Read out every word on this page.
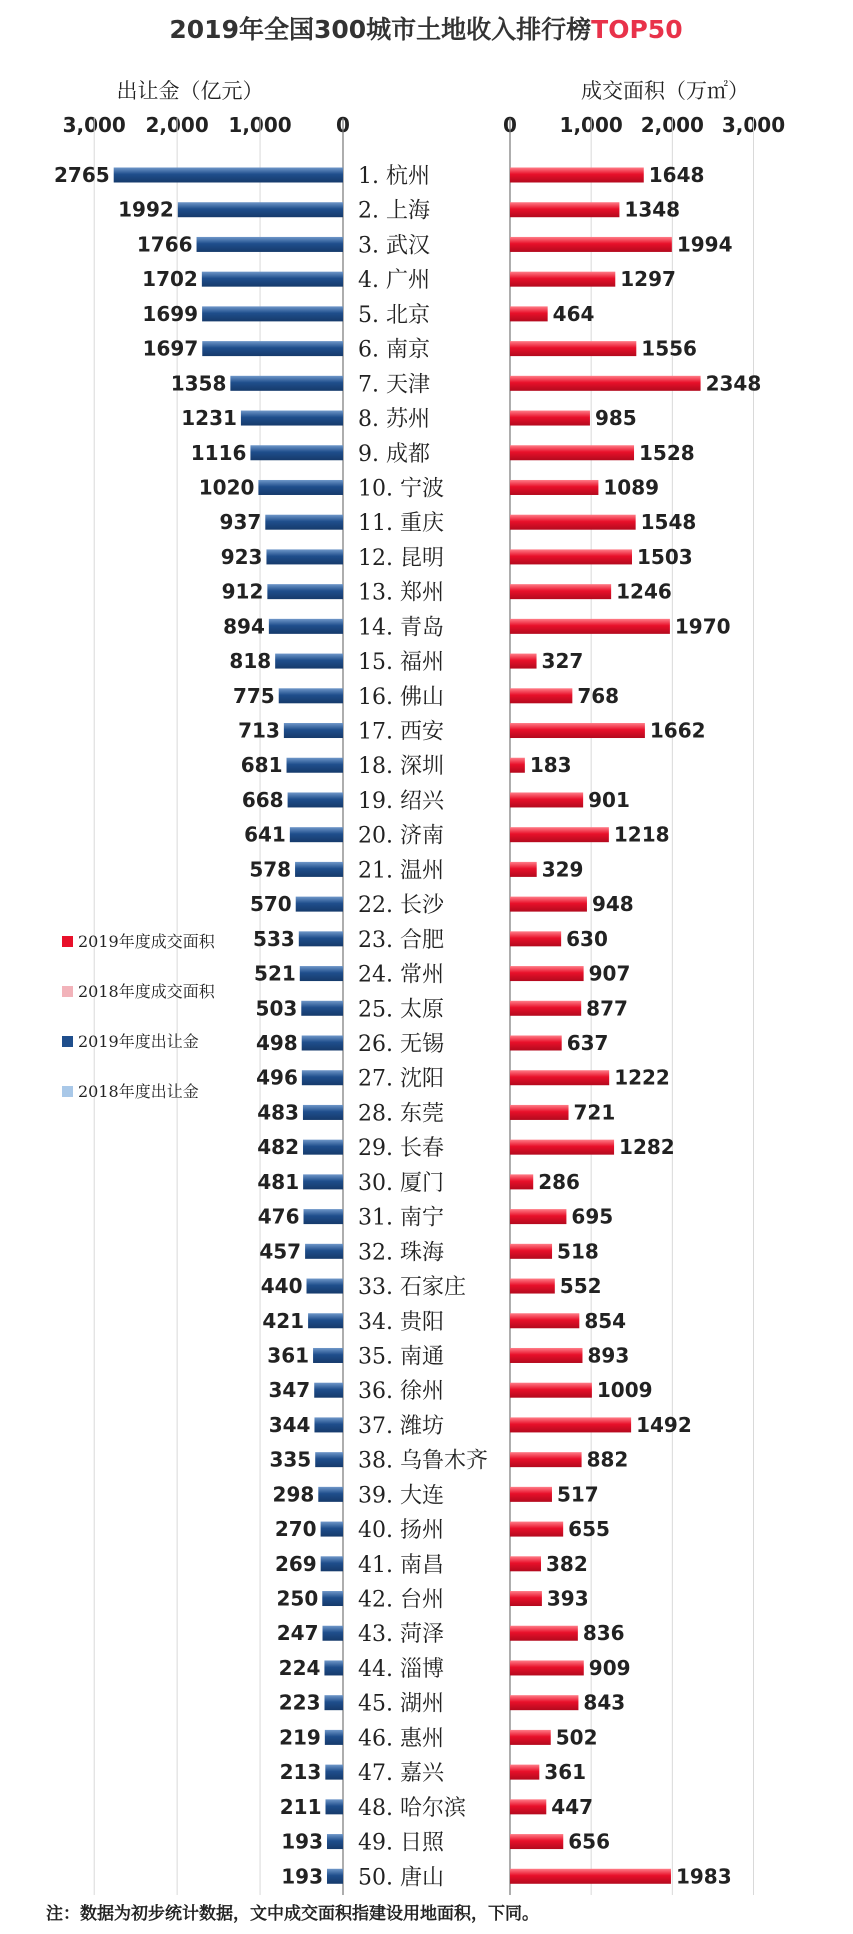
2019年全国300城市土地收入排行榜TOP50
出让金（亿元）	成交面积（万㎡）
3,000 2,000 1,000 0	0 1,000 2,000 3,000
2765
1992
1766
1702
1699
1697
1358
1231
1116
1020
937
923
912
894
818
775
713
681
668
641
578
570
533
521
503
498
496
483
482
481
476
457
440
421
361
347
344
335
298
270
269
250
247
224
223
219
213
211
193
193
1648
1348
1994
1297
464
1556
2348
985
1528
1089
1548
1503
1246
1970
327
768
1662
183
901
1218
329
948
630
907
877
637
1222
721
1282
286
695
518
552
854
893
1009
1492
882
517
655
382
393
836
909
843
502
361
447
656
1983
1. 杭州
2. 上海
3. 武汉
4. 广州
5. 北京
6. 南京
7. 天津
8. 苏州
9. 成都
10. 宁波
11. 重庆
12. 昆明
13. 郑州
14. 青岛
15. 福州
16. 佛山
17. 西安
18. 深圳
19. 绍兴
20. 济南
21. 温州
22. 长沙
23. 合肥
24. 常州
25. 太原
26. 无锡
27. 沈阳
28. 东莞
29. 长春
30. 厦门
31. 南宁
32. 珠海
33. 石家庄
34. 贵阳
35. 南通
36. 徐州
37. 潍坊
38. 乌鲁木齐
39. 大连
40. 扬州
41. 南昌
42. 台州
43. 菏泽
44. 淄博
45. 湖州
46. 惠州
47. 嘉兴
48. 哈尔滨
49. 日照
50. 唐山
2019年度成交面积
2018年度成交面积
2019年度出让金
2018年度出让金
注：数据为初步统计数据，文中成交面积指建设用地面积，下同。
